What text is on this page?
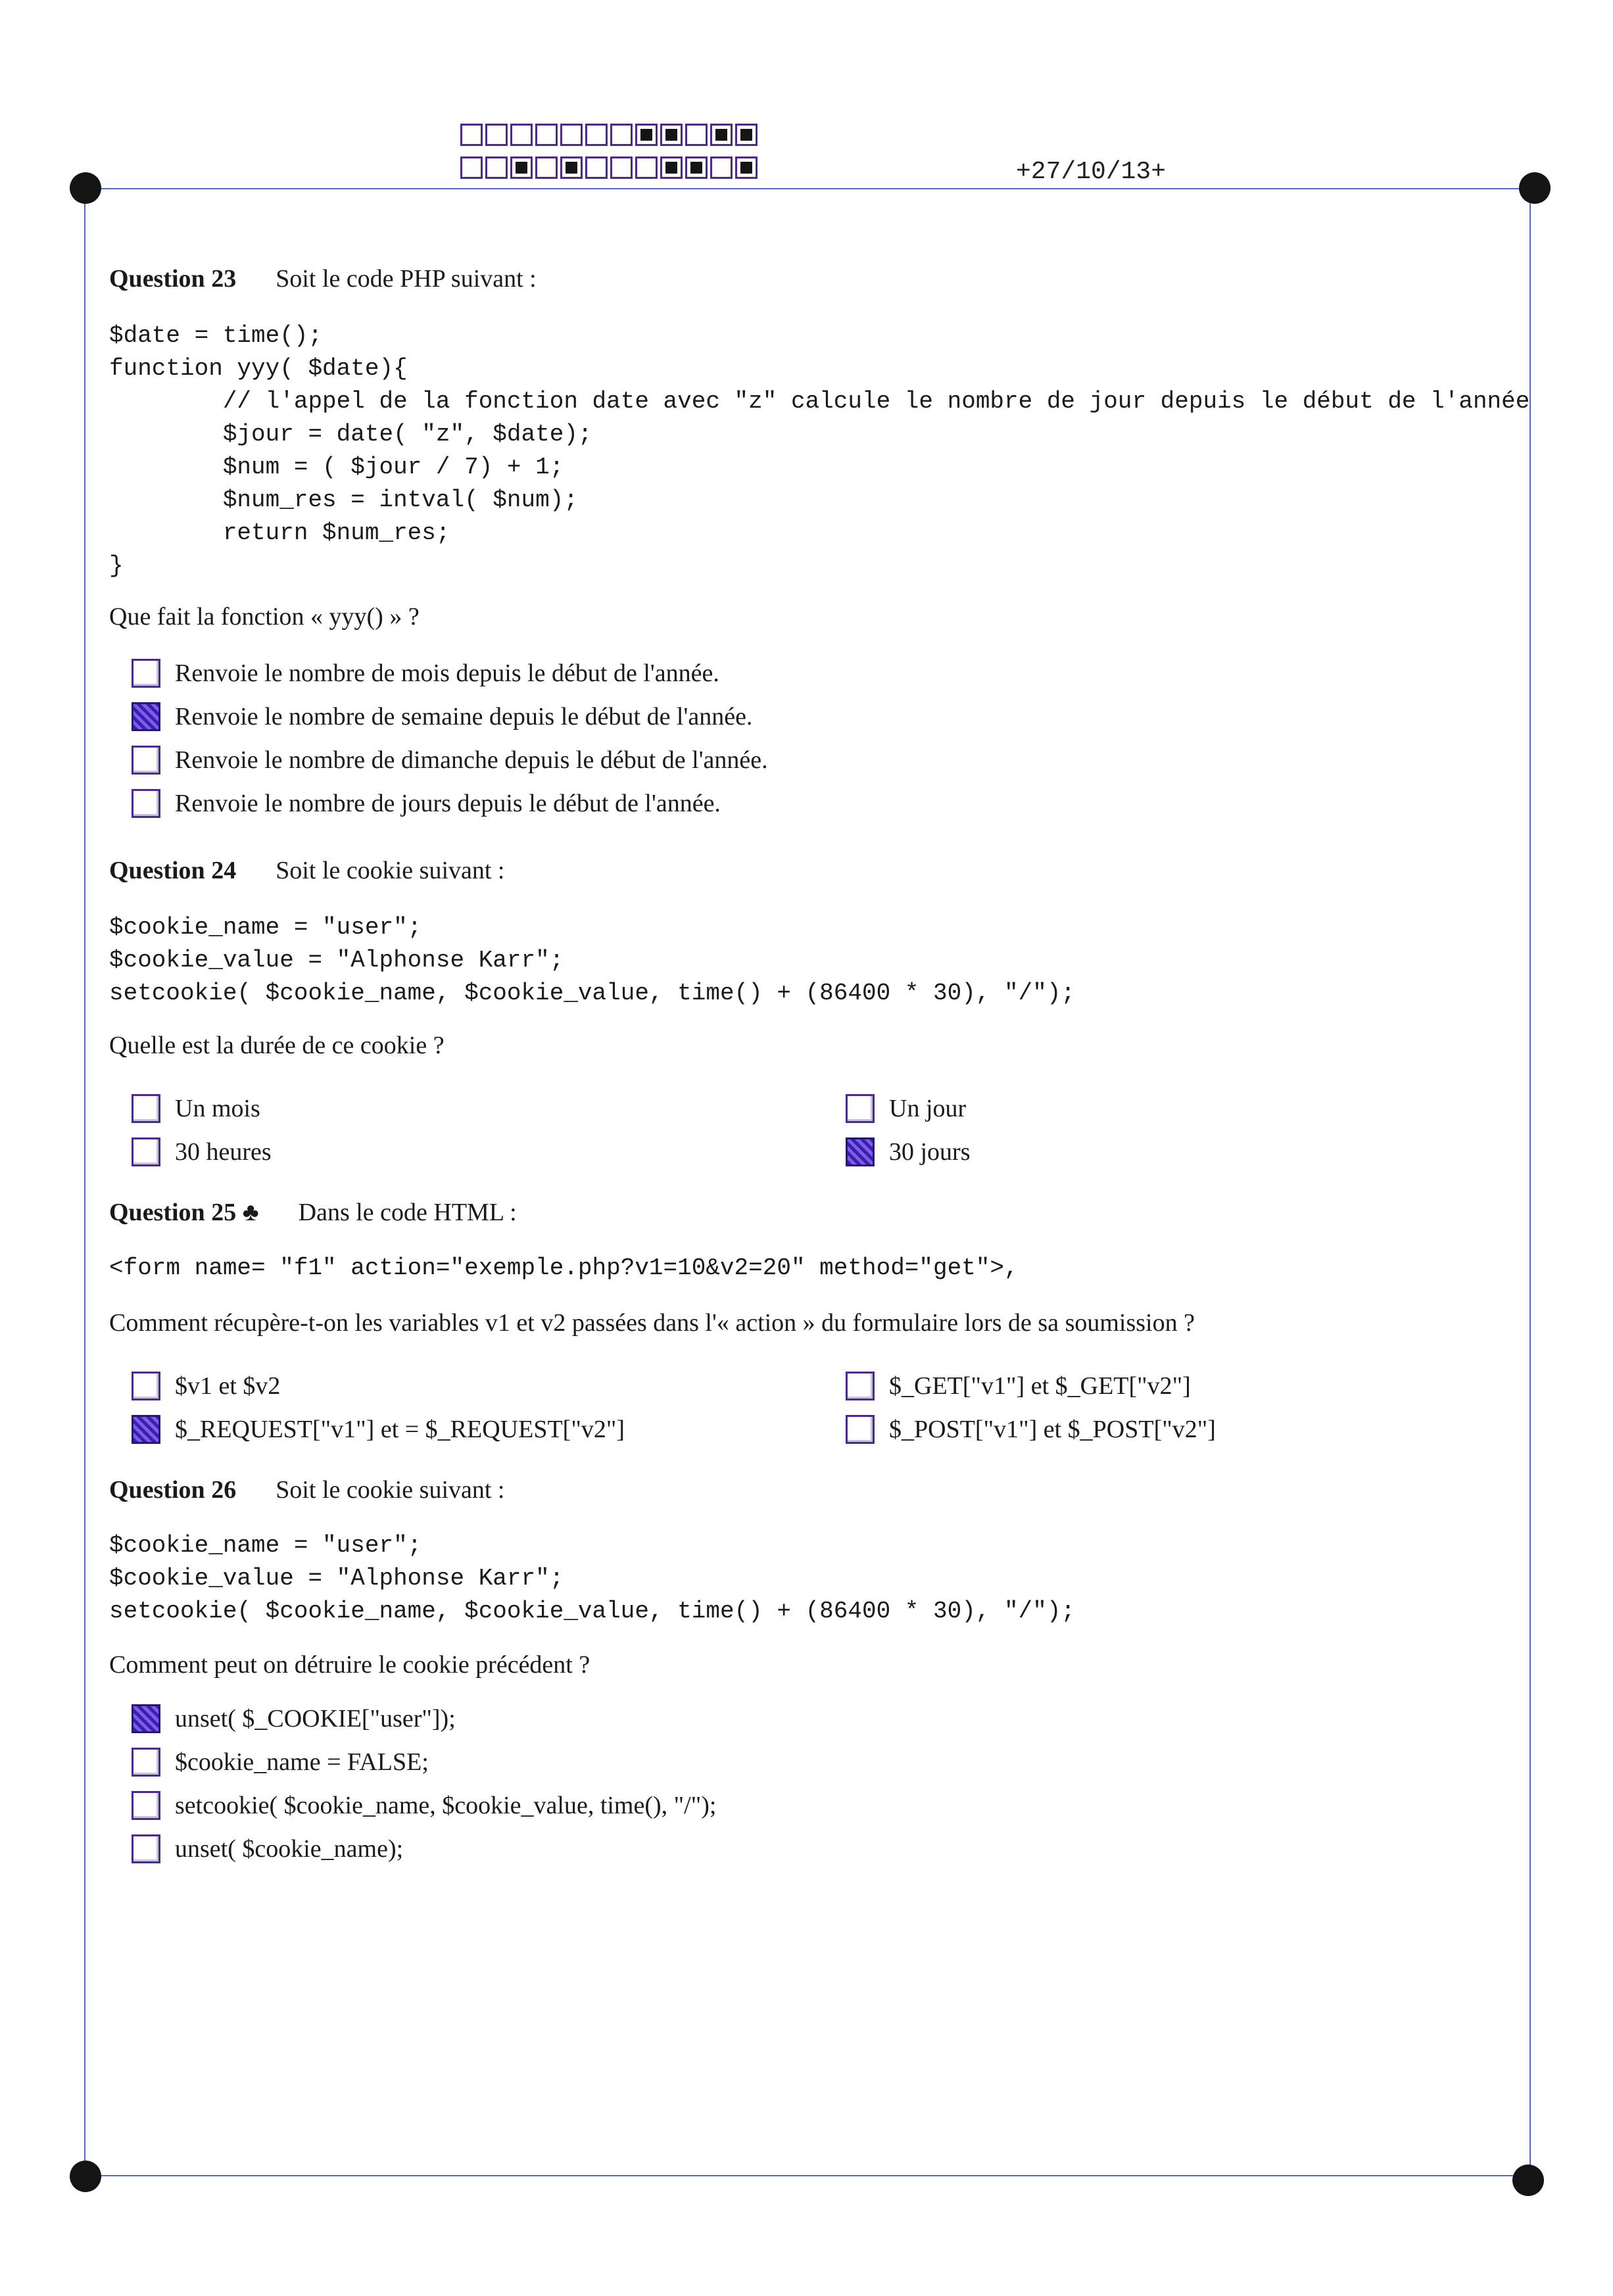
+27/10/13+
Question 23 Soit le code PHP suivant :
$date = time();
function yyy( $date){
// l'appel de la fonction date avec "z" calcule le nombre de jour depuis le début de l'année
$jour = date( "z", $date);
$num = ( $jour / 7) + 1;
$num_res = intval( $num);
return $num_res;
}
Que fait la fonction « yyy() » ?
Renvoie le nombre de mois depuis le début de l'année.
Renvoie le nombre de semaine depuis le début de l'année.
Renvoie le nombre de dimanche depuis le début de l'année.
Renvoie le nombre de jours depuis le début de l'année.
Question 24 Soit le cookie suivant :
$cookie_name = "user";
$cookie_value = "Alphonse Karr";
setcookie( $cookie_name, $cookie_value, time() + (86400 * 30), "/");
Quelle est la durée de ce cookie ?
Un mois	Un jour
30 heures	30 jours
Question 25 ♣ Dans le code HTML :
<form name= "f1" action="exemple.php?v1=10&v2=20" method="get">,
Comment récupère-t-on les variables v1 et v2 passées dans l'« action » du formulaire lors de sa soumission ?
$v1 et $v2	$_GET["v1"] et $_GET["v2"]
$_REQUEST["v1"] et = $_REQUEST["v2"]	$_POST["v1"] et $_POST["v2"]
Question 26 Soit le cookie suivant :
$cookie_name = "user";
$cookie_value = "Alphonse Karr";
setcookie( $cookie_name, $cookie_value, time() + (86400 * 30), "/");
Comment peut on détruire le cookie précédent ?
unset( $_COOKIE["user"]);
$cookie_name = FALSE;
setcookie( $cookie_name, $cookie_value, time(), "/");
unset( $cookie_name);
